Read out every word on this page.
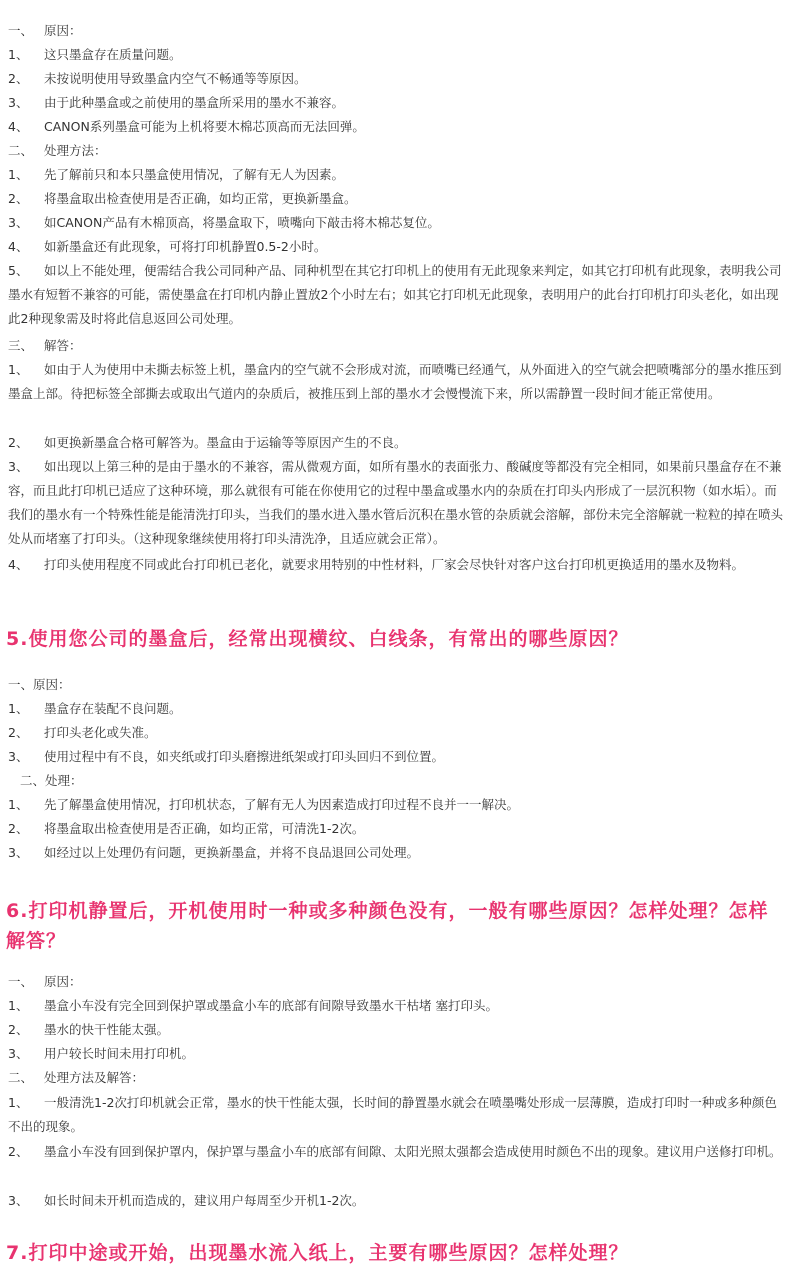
一、 原因：
1、 这只墨盒存在质量问题。
2、 未按说明使用导致墨盒内空气不畅通等等原因。
3、 由于此种墨盒或之前使用的墨盒所采用的墨水不兼容。
4、 CANON系列墨盒可能为上机将要木棉芯顶高而无法回弹。
二、 处理方法：
1、 先了解前只和本只墨盒使用情况，了解有无人为因素。
2、 将墨盒取出检查使用是否正确，如均正常，更换新墨盒。
3、 如CANON产品有木棉顶高，将墨盒取下，喷嘴向下敲击将木棉芯复位。
4、 如新墨盒还有此现象，可将打印机静置0.5-2小时。
5、 如以上不能处理，便需结合我公司同种产品、同种机型在其它打印机上的使用有无此现象来判定，如其它打印机有此现象，表明我公司墨水有短暂不兼容的可能，需使墨盒在打印机内静止置放2个小时左右；如其它打印机无此现象，表明用户的此台打印机打印头老化，如出现此2种现象需及时将此信息返回公司处理。
三、 解答：
1、 如由于人为使用中未撕去标签上机，墨盒内的空气就不会形成对流，而喷嘴已经通气，从外面进入的空气就会把喷嘴部分的墨水推压到墨盒上部。待把标签全部撕去或取出气道内的杂质后，被推压到上部的墨水才会慢慢流下来，所以需静置一段时间才能正常使用。
2、 如更换新墨盒合格可解答为。墨盒由于运输等等原因产生的不良。
3、 如出现以上第三种的是由于墨水的不兼容，需从微观方面，如所有墨水的表面张力、酸碱度等都没有完全相同，如果前只墨盒存在不兼容，而且此打印机已适应了这种环境，那么就很有可能在你使用它的过程中墨盒或墨水内的杂质在打印头内形成了一层沉积物（如水垢）。而我们的墨水有一个特殊性能是能清洗打印头，当我们的墨水进入墨水管后沉积在墨水管的杂质就会溶解，部份未完全溶解就一粒粒的掉在喷头处从而堵塞了打印头。（这种现象继续使用将打印头清洗净，且适应就会正常）。
4、 打印头使用程度不同或此台打印机已老化，就要求用特别的中性材料，厂家会尽快针对客户这台打印机更换适用的墨水及物料。
5.使用您公司的墨盒后，经常出现横纹、白线条，有常出的哪些原因？
一、原因：
1、 墨盒存在装配不良问题。
2、 打印头老化或失准。
3、 使用过程中有不良，如夹纸或打印头磨擦进纸架或打印头回归不到位置。
二、处理：
1、 先了解墨盒使用情况，打印机状态，了解有无人为因素造成打印过程不良并一一解决。
2、 将墨盒取出检查使用是否正确，如均正常，可清洗1-2次。
3、 如经过以上处理仍有问题，更换新墨盒，并将不良品退回公司处理。
6.打印机静置后，开机使用时一种或多种颜色没有，一般有哪些原因？怎样处理？怎样解答？
一、 原因：
1、 墨盒小车没有完全回到保护罩或墨盒小车的底部有间隙导致墨水干枯堵 塞打印头。
2、 墨水的快干性能太强。
3、 用户较长时间未用打印机。
二、 处理方法及解答：
1、 一般清洗1-2次打印机就会正常，墨水的快干性能太强，长时间的静置墨水就会在喷墨嘴处形成一层薄膜，造成打印时一种或多种颜色不出的现象。
2、 墨盒小车没有回到保护罩内，保护罩与墨盒小车的底部有间隙、太阳光照太强都会造成使用时颜色不出的现象。建议用户送修打印机。
3、 如长时间未开机而造成的，建议用户每周至少开机1-2次。
7.打印中途或开始，出现墨水流入纸上，主要有哪些原因？怎样处理？
